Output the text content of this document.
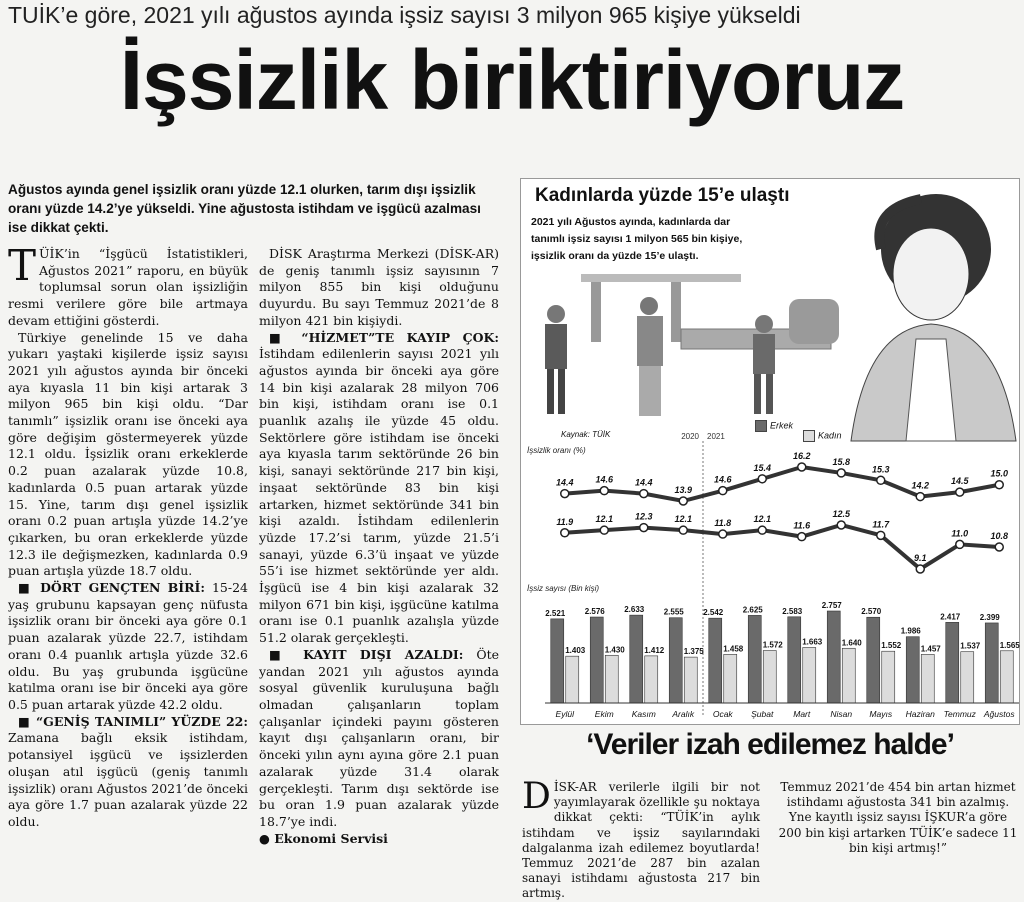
TUİK’e göre, 2021 yılı ağustos ayında işsiz sayısı 3 milyon 965 kişiye yükseldi
İşsizlik biriktiriyoruz
Ağustos ayında genel işsizlik oranı yüzde 12.1 olurken, tarım dışı işsizlik oranı yüzde 14.2’ye yükseldi. Yine ağustosta istihdam ve işgücü azalması ise dikkat çekti.

TÜİK’in “İşgücü İstatistikleri, Ağustos 2021” raporu, en büyük toplumsal sorun olan işsizliğin resmi verilere göre bile artmaya devam ettiğini gösterdi.

Türkiye genelinde 15 ve daha yukarı yaştaki kişilerde işsiz sayısı 2021 yılı ağustos ayında bir önceki aya kıyasla 11 bin kişi artarak 3 milyon 965 bin kişi oldu. “Dar tanımlı” işsizlik oranı ise önceki aya göre değişim göstermeyerek yüzde 12.1 oldu. İşsizlik oranı erkeklerde 0.2 puan azalarak yüzde 10.8, kadınlarda 0.5 puan artarak yüzde 15. Yine, tarım dışı genel işsizlik oranı 0.2 puan artışla yüzde 14.2’ye çıkarken, bu oran erkeklerde yüzde 12.3 ile değişmezken, kadınlarda 0.9 puan artışla yüzde 18.7 oldu.

■ DÖRT GENÇTEN BİRİ: 15-24 yaş grubunu kapsayan genç nüfusta işsizlik oranı bir önceki aya göre 0.1 puan azalarak yüzde 22.7, istihdam oranı 0.4 puanlık artışla yüzde 32.6 oldu. Bu yaş grubunda işgücüne katılma oranı ise bir önceki aya göre 0.5 puan artarak yüzde 42.2 oldu.

■ “GENİŞ TANIMLI” YÜZDE 22: Zamana bağlı eksik istihdam, potansiyel işgücü ve işsizlerden oluşan atıl işgücü (geniş tanımlı işsizlik) oranı Ağustos 2021’de önceki aya göre 1.7 puan azalarak yüzde 22 oldu.

DİSK Araştırma Merkezi (DİSK-AR) de geniş tanımlı işsiz sayısının 7 milyon 855 bin kişi olduğunu duyurdu. Bu sayı Temmuz 2021’de 8 milyon 421 bin kişiydi.

■ “HİZMET”TE KAYIP ÇOK: İstihdam edilenlerin sayısı 2021 yılı ağustos ayında bir önceki aya göre 14 bin kişi azalarak 28 milyon 706 bin kişi, istihdam oranı ise 0.1 puanlık azalış ile yüzde 45 oldu. Sektörlere göre istihdam ise önceki aya kıyasla tarım sektöründe 26 bin kişi, sanayi sektöründe 217 bin kişi, inşaat sektöründe 83 bin kişi artarken, hizmet sektöründe 341 bin kişi azaldı. İstihdam edilenlerin yüzde 17.2’si tarım, yüzde 21.5’i sanayi, yüzde 6.3’ü inşaat ve yüzde 55’i ise hizmet sektöründe yer aldı. İşgücü ise 4 bin kişi azalarak 32 milyon 671 bin kişi, işgücüne katılma oranı ise 0.1 puanlık azalışla yüzde 51.2 olarak gerçekleşti.

■ KAYIT DIŞI AZALDI: Öte yandan 2021 yılı ağustos ayında sosyal güvenlik kuruluşuna bağlı olmadan çalışanların toplam çalışanlar içindeki payını gösteren kayıt dışı çalışanların oranı, bir önceki yılın aynı ayına göre 2.1 puan azalarak yüzde 31.4 olarak gerçekleşti. Tarım dışı sektörde ise bu oran 1.9 puan azalarak yüzde 18.7’ye indi.

● Ekonomi Servisi

Kadınlarda yüzde 15’e ulaştı
2021 yılı Ağustos ayında, kadınlarda dar tanımlı işsiz sayısı 1 milyon 565 bin kişiye, işsizlik oranı da yüzde 15’e ulaştı.
Kaynak: TÜİK
Erkek
Kadın
İşsizlik oranı (%)
2020 2021
14.4 14.6 14.4
13.9
14.6
15.4
16.2
15.8
15.3
14.2 14.5
15.0
11.9 12.1 12.3 12.1 11.8 12.1
11.6
12.5
11.7
9.1
11.0 10.8
İşsiz sayısı (Bin kişi)
2.521 2.576 2.633 2.555 2.542 2.625 2.583
2.757
2.570
1.986
2.417 2.399
1.403 1.430 1.412 1.375 1.458 1.572 1.663 1.640 1.552 1.457 1.537 1.565
Eylül Ekim Kasım Aralık Ocak Şubat Mart Nisan Mayıs Haziran Temmuz Ağustos
‘Veriler izah edilemez halde’
DİSK-AR verilerle ilgili bir not yayımlayarak özellikle şu noktaya dikkat çekti: “TÜİK’in aylık istihdam ve işsiz sayılarındaki dalgalanma izah edilemez boyutlarda! Temmuz 2021’de 287 bin azalan sanayi istihdamı ağustosta 217 bin artmış.
Temmuz 2021’de 454 bin artan hizmet istihdamı ağustosta 341 bin azalmış. Yne kayıtlı işsiz sayısı İŞKUR’a göre 200 bin kişi artarken TÜİK’e sadece 11 bin kişi artmış!”
